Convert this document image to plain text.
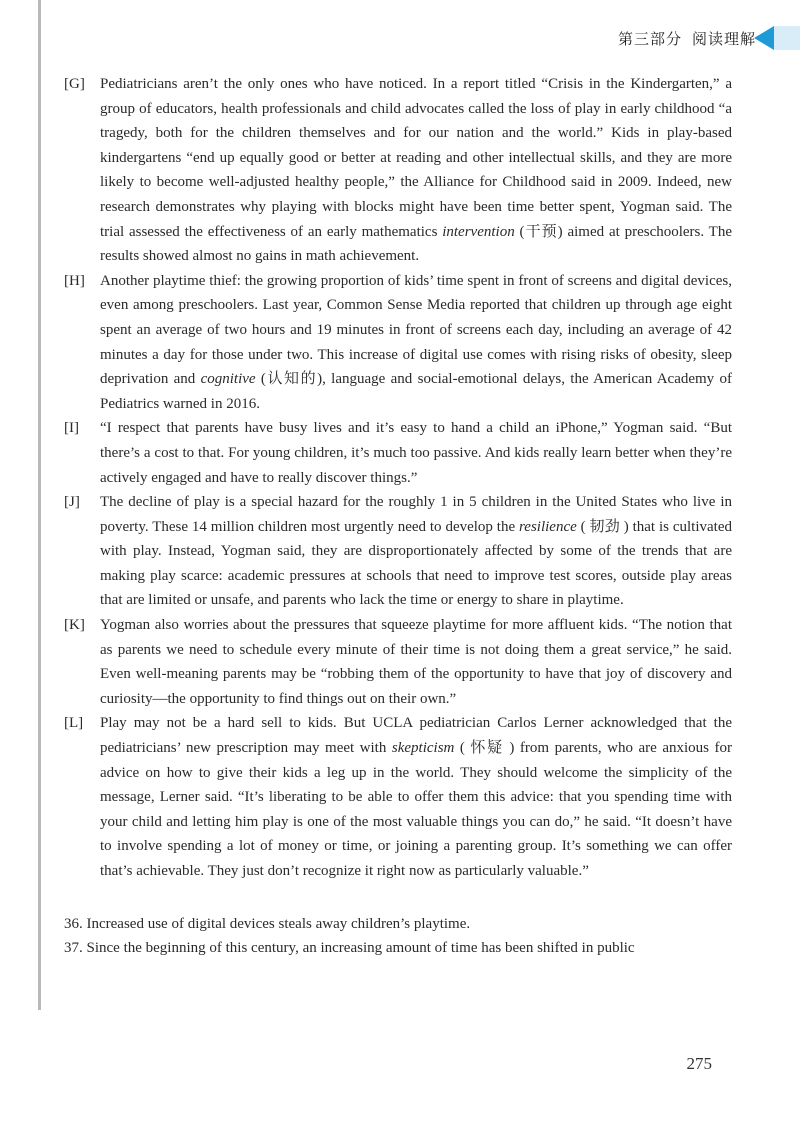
第三部分 阅读理解

[G] Pediatricians aren’t the only ones who have noticed. In a report titled “Crisis in the Kindergarten,” a group of educators, health professionals and child advocates called the loss of play in early childhood “a tragedy, both for the children themselves and for our nation and the world.” Kids in play-based kindergartens “end up equally good or better at reading and other intellectual skills, and they are more likely to become well-adjusted healthy people,” the Alliance for Childhood said in 2009. Indeed, new research demonstrates why playing with blocks might have been time better spent, Yogman said. The trial assessed the effectiveness of an early mathematics intervention (干预) aimed at preschoolers. The results showed almost no gains in math achievement.

[H] Another playtime thief: the growing proportion of kids’ time spent in front of screens and digital devices, even among preschoolers. Last year, Common Sense Media reported that children up through age eight spent an average of two hours and 19 minutes in front of screens each day, including an average of 42 minutes a day for those under two. This increase of digital use comes with rising risks of obesity, sleep deprivation and cognitive (认知的), language and social-emotional delays, the American Academy of Pediatrics warned in 2016.

[I] “I respect that parents have busy lives and it’s easy to hand a child an iPhone,” Yogman said. “But there’s a cost to that. For young children, it’s much too passive. And kids really learn better when they’re actively engaged and have to really discover things.”

[J] The decline of play is a special hazard for the roughly 1 in 5 children in the United States who live in poverty. These 14 million children most urgently need to develop the resilience ( 韧劲 ) that is cultivated with play. Instead, Yogman said, they are disproportionately affected by some of the trends that are making play scarce: academic pressures at schools that need to improve test scores, outside play areas that are limited or unsafe, and parents who lack the time or energy to share in playtime.

[K] Yogman also worries about the pressures that squeeze playtime for more affluent kids. “The notion that as parents we need to schedule every minute of their time is not doing them a great service,” he said. Even well-meaning parents may be “robbing them of the opportunity to have that joy of discovery and curiosity—the opportunity to find things out on their own.”

[L] Play may not be a hard sell to kids. But UCLA pediatrician Carlos Lerner acknowledged that the pediatricians’ new prescription may meet with skepticism ( 怀疑 ) from parents, who are anxious for advice on how to give their kids a leg up in the world. They should welcome the simplicity of the message, Lerner said. “It’s liberating to be able to offer them this advice: that you spending time with your child and letting him play is one of the most valuable things you can do,” he said. “It doesn’t have to involve spending a lot of money or time, or joining a parenting group. It’s something we can offer that’s achievable. They just don’t recognize it right now as particularly valuable.”

36. Increased use of digital devices steals away children’s playtime.

37. Since the beginning of this century, an increasing amount of time has been shifted in public

275
